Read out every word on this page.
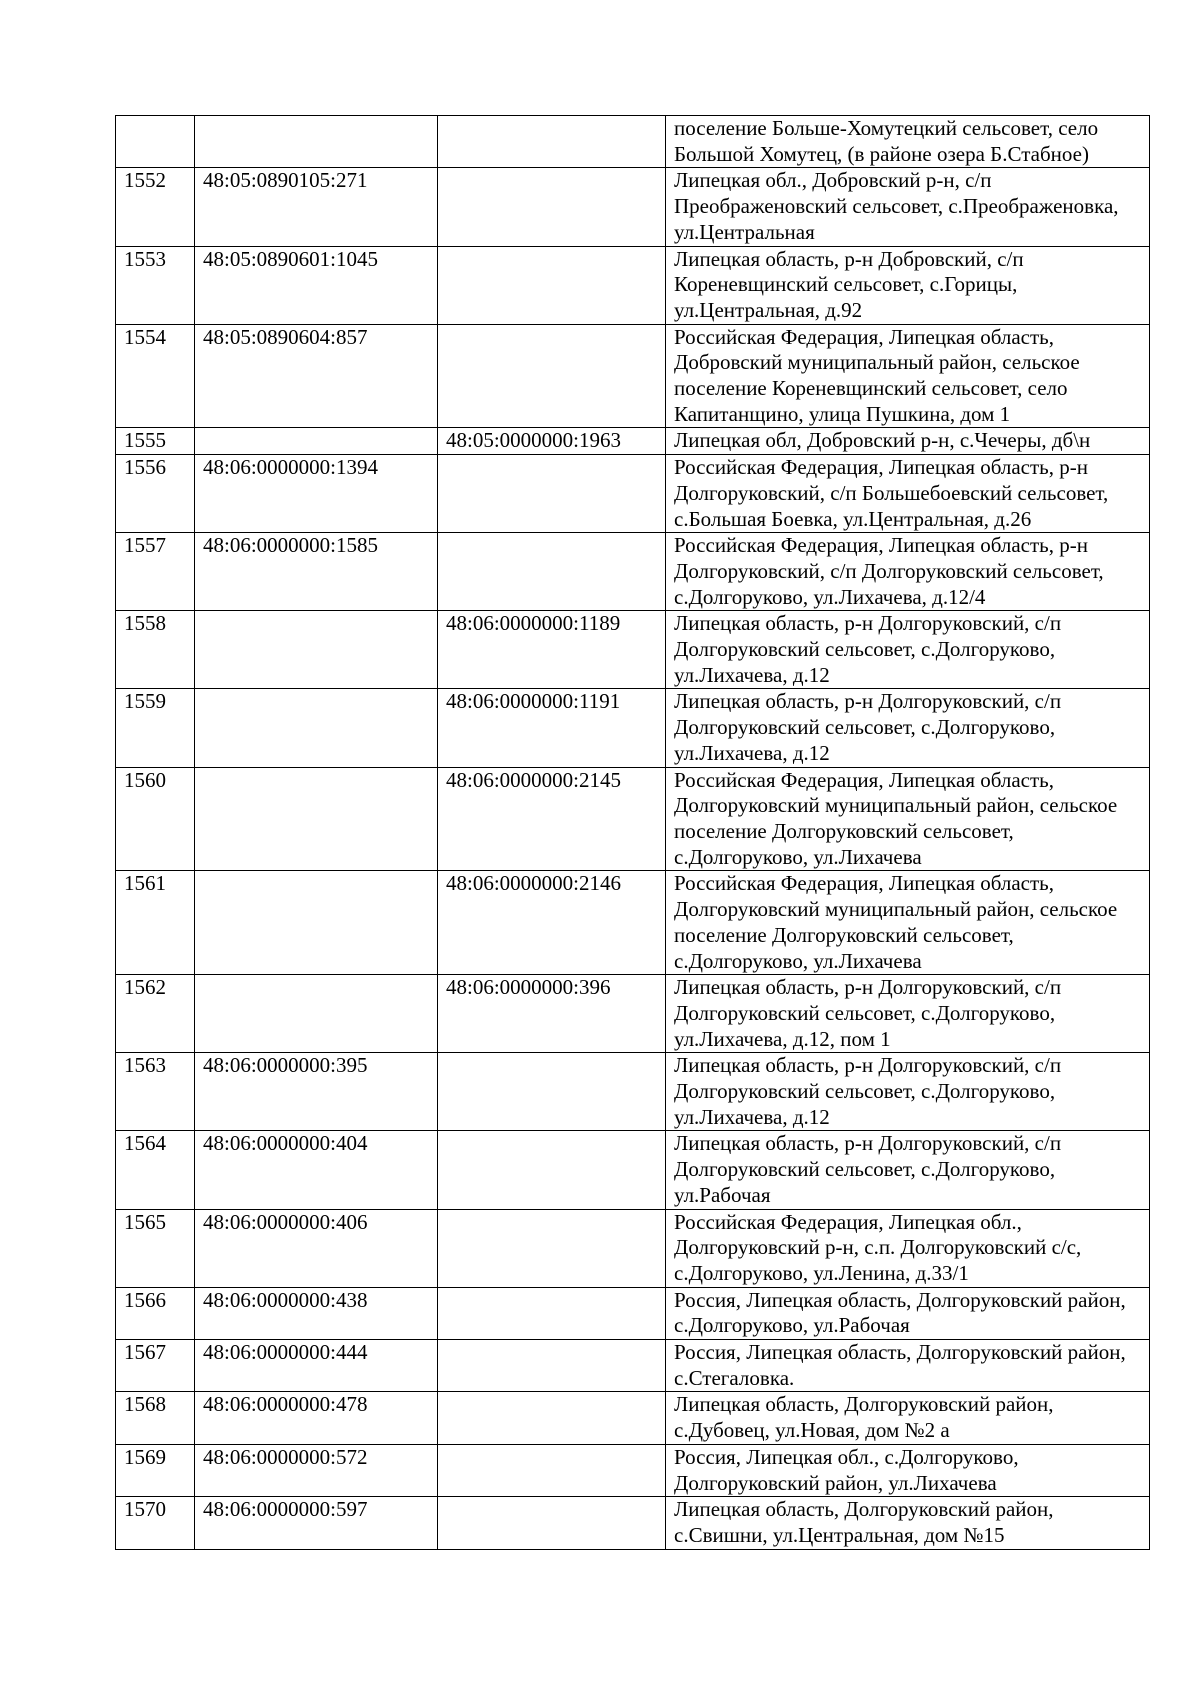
			поселение Больше-Хомутецкий сельсовет, село Большой Хомутец, (в районе озера Б.Стабное)
1552	48:05:0890105:271		Липецкая обл., Добровский р-н, с/п Преображеновский сельсовет, с.Преображеновка, ул.Центральная
1553	48:05:0890601:1045		Липецкая область, р-н Добровский, с/п Кореневщинский сельсовет, с.Горицы, ул.Центральная, д.92
1554	48:05:0890604:857		Российская Федерация, Липецкая область, Добровский муниципальный район, сельское поселение Кореневщинский сельсовет, село Капитанщино, улица Пушкина, дом 1
1555		48:05:0000000:1963	Липецкая обл, Добровский р-н, с.Чечеры, дб\н
1556	48:06:0000000:1394		Российская Федерация, Липецкая область, р-н Долгоруковский, с/п Большебоевский сельсовет, с.Большая Боевка, ул.Центральная, д.26
1557	48:06:0000000:1585		Российская Федерация, Липецкая область, р-н Долгоруковский, с/п Долгоруковский сельсовет, с.Долгоруково, ул.Лихачева, д.12/4
1558		48:06:0000000:1189	Липецкая область, р-н Долгоруковский, с/п Долгоруковский сельсовет, с.Долгоруково, ул.Лихачева, д.12
1559		48:06:0000000:1191	Липецкая область, р-н Долгоруковский, с/п Долгоруковский сельсовет, с.Долгоруково, ул.Лихачева, д.12
1560		48:06:0000000:2145	Российская Федерация, Липецкая область, Долгоруковский муниципальный район, сельское поселение Долгоруковский сельсовет, с.Долгоруково, ул.Лихачева
1561		48:06:0000000:2146	Российская Федерация, Липецкая область, Долгоруковский муниципальный район, сельское поселение Долгоруковский сельсовет, с.Долгоруково, ул.Лихачева
1562		48:06:0000000:396	Липецкая область, р-н Долгоруковский, с/п Долгоруковский сельсовет, с.Долгоруково, ул.Лихачева, д.12, пом 1
1563	48:06:0000000:395		Липецкая область, р-н Долгоруковский, с/п Долгоруковский сельсовет, с.Долгоруково, ул.Лихачева, д.12
1564	48:06:0000000:404		Липецкая область, р-н Долгоруковский, с/п Долгоруковский сельсовет, с.Долгоруково, ул.Рабочая
1565	48:06:0000000:406		Российская Федерация, Липецкая обл., Долгоруковский р-н, с.п. Долгоруковский с/с, с.Долгоруково, ул.Ленина, д.33/1
1566	48:06:0000000:438		Россия, Липецкая область, Долгоруковский район, с.Долгоруково, ул.Рабочая
1567	48:06:0000000:444		Россия, Липецкая область, Долгоруковский район, с.Стегаловка.
1568	48:06:0000000:478		Липецкая область, Долгоруковский район, с.Дубовец, ул.Новая, дом №2 а
1569	48:06:0000000:572		Россия, Липецкая обл., с.Долгоруково, Долгоруковский район, ул.Лихачева
1570	48:06:0000000:597		Липецкая область, Долгоруковский район, с.Свишни, ул.Центральная, дом №15
